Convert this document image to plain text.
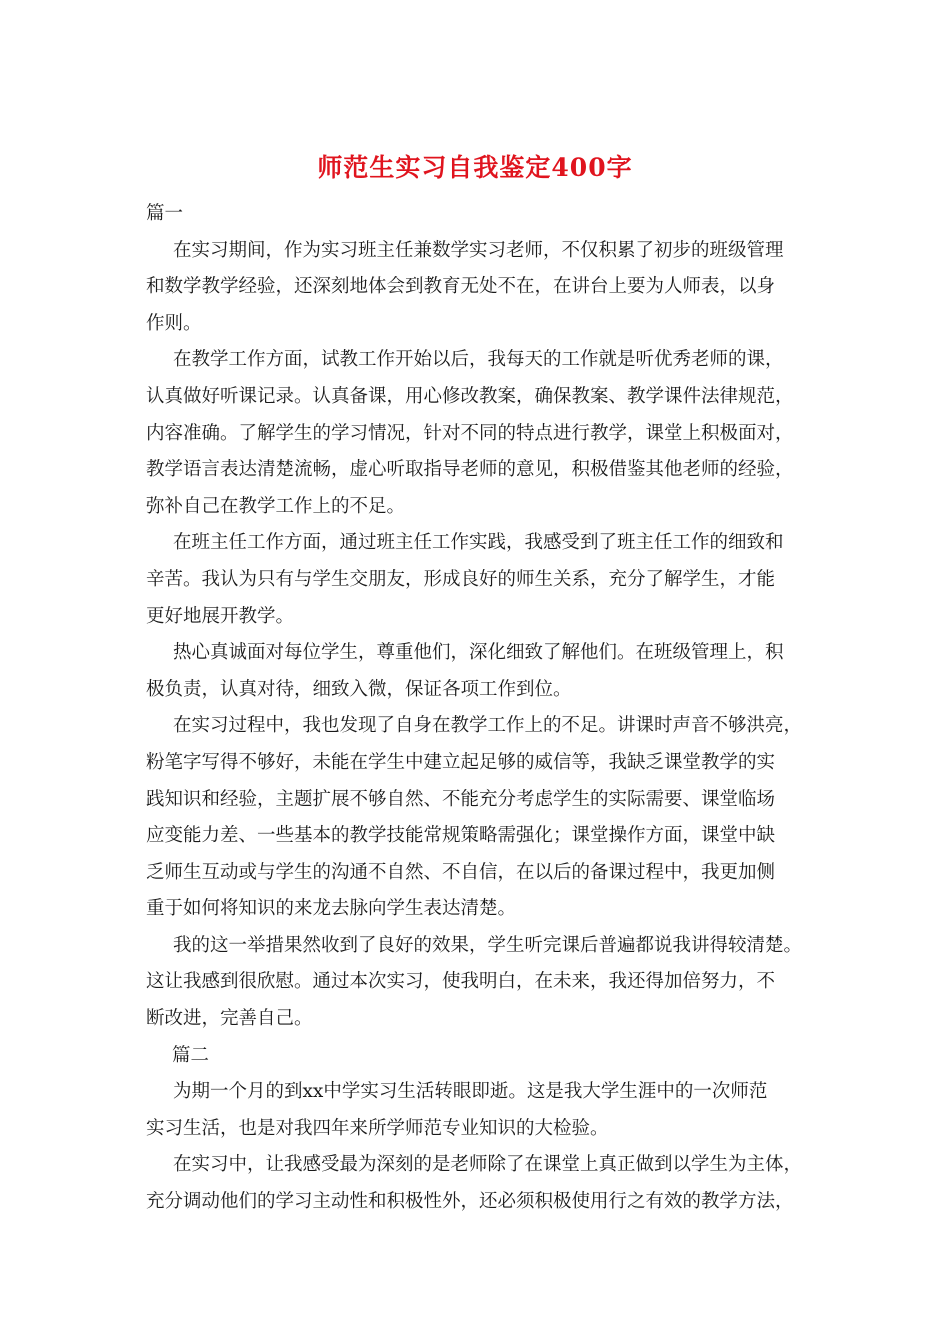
师范生实习自我鉴定400字
篇一
在实习期间，作为实习班主任兼数学实习老师，不仅积累了初步的班级管理
和数学教学经验，还深刻地体会到教育无处不在，在讲台上要为人师表，以身
作则。
在教学工作方面，试教工作开始以后，我每天的工作就是听优秀老师的课，
认真做好听课记录。认真备课，用心修改教案，确保教案、教学课件法律规范，
内容准确。了解学生的学习情况，针对不同的特点进行教学，课堂上积极面对，
教学语言表达清楚流畅，虚心听取指导老师的意见，积极借鉴其他老师的经验，
弥补自己在教学工作上的不足。
在班主任工作方面，通过班主任工作实践，我感受到了班主任工作的细致和
辛苦。我认为只有与学生交朋友，形成良好的师生关系，充分了解学生，才能
更好地展开教学。
热心真诚面对每位学生，尊重他们，深化细致了解他们。在班级管理上，积
极负责，认真对待，细致入微，保证各项工作到位。
在实习过程中，我也发现了自身在教学工作上的不足。讲课时声音不够洪亮，
粉笔字写得不够好，未能在学生中建立起足够的威信等，我缺乏课堂教学的实
践知识和经验，主题扩展不够自然、不能充分考虑学生的实际需要、课堂临场
应变能力差、一些基本的教学技能常规策略需强化；课堂操作方面，课堂中缺
乏师生互动或与学生的沟通不自然、不自信，在以后的备课过程中，我更加侧
重于如何将知识的来龙去脉向学生表达清楚。
我的这一举措果然收到了良好的效果，学生听完课后普遍都说我讲得较清楚。
这让我感到很欣慰。通过本次实习，使我明白，在未来，我还得加倍努力，不
断改进，完善自己。
篇二
为期一个月的到xx中学实习生活转眼即逝。这是我大学生涯中的一次师范
实习生活，也是对我四年来所学师范专业知识的大检验。
在实习中，让我感受最为深刻的是老师除了在课堂上真正做到以学生为主体，
充分调动他们的学习主动性和积极性外，还必须积极使用行之有效的教学方法，
